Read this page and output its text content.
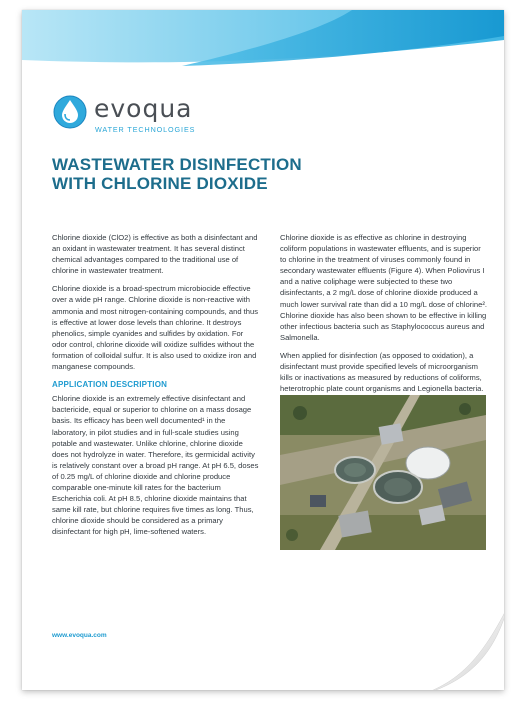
evoqua
WATER TECHNOLOGIES
WASTEWATER DISINFECTION
WITH CHLORINE DIOXIDE

Chlorine dioxide (ClO2) is effective as both a disinfectant and an oxidant in wastewater treatment. It has several distinct chemical advantages compared to the traditional use of chlorine in wastewater treatment.

Chlorine dioxide is a broad-spectrum microbiocide effective over a wide pH range. Chlorine dioxide is non-reactive with ammonia and most nitrogen-containing compounds, and thus is effective at lower dose levels than chlorine. It destroys phenolics, simple cyanides and sulfides by oxidation. For odor control, chlorine dioxide will oxidize sulfides without the formation of colloidal sulfur. It is also used to oxidize iron and manganese compounds.

APPLICATION DESCRIPTION

Chlorine dioxide is an extremely effective disinfectant and bactericide, equal or superior to chlorine on a mass dosage basis. Its efficacy has been well documented¹ in the laboratory, in pilot studies and in full-scale studies using potable and wastewater. Unlike chlorine, chlorine dioxide does not hydrolyze in water. Therefore, its germicidal activity is relatively constant over a broad pH range. At pH 6.5, doses of 0.25 mg/L of chlorine dioxide and chlorine produce comparable one-minute kill rates for the bacterium Escherichia coli. At pH 8.5, chlorine dioxide maintains that same kill rate, but chlorine requires five times as long. Thus, chlorine dioxide should be considered as a primary disinfectant for high pH, lime-softened waters.

Chlorine dioxide is as effective as chlorine in destroying coliform populations in wastewater effluents, and is superior to chlorine in the treatment of viruses commonly found in secondary wastewater effluents (Figure 4). When Poliovirus I and a native coliphage were subjected to these two disinfectants, a 2 mg/L dose of chlorine dioxide produced a much lower survival rate than did a 10 mg/L dose of chlorine². Chlorine dioxide has also been shown to be effective in killing other infectious bacteria such as Staphylococcus aureus and Salmonella.

When applied for disinfection (as opposed to oxidation), a disinfectant must provide specified levels of microorganism kills or inactivations as measured by reductions of coliforms, heterotrophic plate count organisms and Legionella bacteria.

www.evoqua.com
